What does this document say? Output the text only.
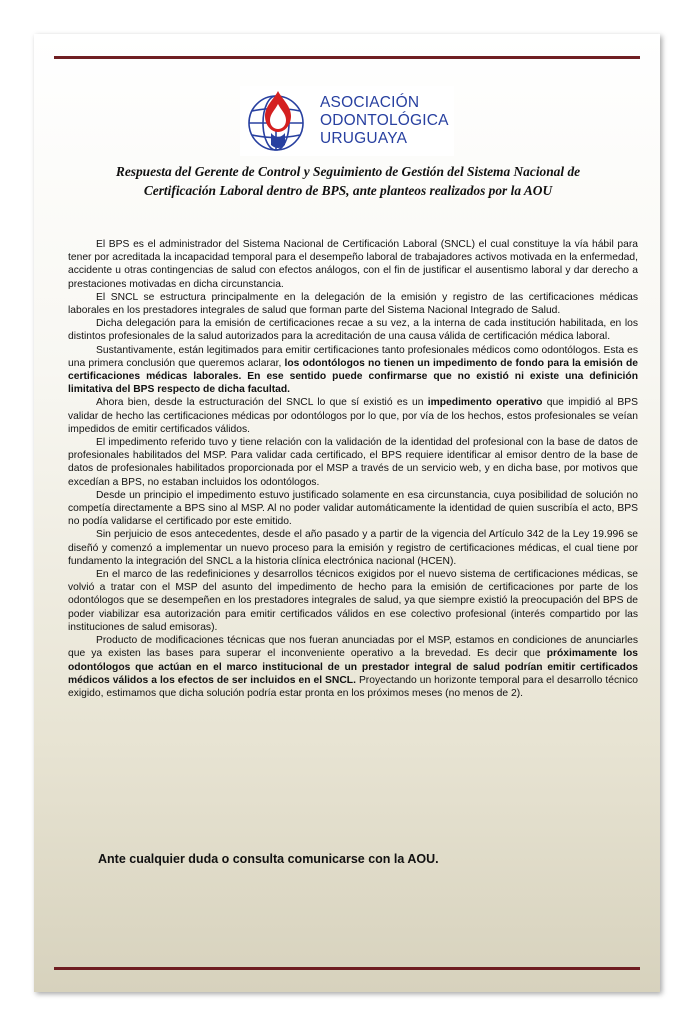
ASOCIACIÓN
ODONTOLÓGICA
URUGUAYA
Respuesta del Gerente de Control y Seguimiento de Gestión del Sistema Nacional de Certificación Laboral dentro de BPS, ante planteos realizados por la AOU

El BPS es el administrador del Sistema Nacional de Certificación Laboral (SNCL) el cual constituye la vía hábil para tener por acreditada la incapacidad temporal para el desempeño laboral de trabajadores activos motivada en la enfermedad, accidente u otras contingencias de salud con efectos análogos, con el fin de justificar el ausentismo laboral y dar derecho a prestaciones motivadas en dicha circunstancia.

El SNCL se estructura principalmente en la delegación de la emisión y registro de las certificaciones médicas laborales en los prestadores integrales de salud que forman parte del Sistema Nacional Integrado de Salud.

Dicha delegación para la emisión de certificaciones recae a su vez, a la interna de cada institución habilitada, en los distintos profesionales de la salud autorizados para la acreditación de una causa válida de certificación médica laboral.

Sustantivamente, están legitimados para emitir certificaciones tanto profesionales médicos como odontólogos. Esta es una primera conclusión que queremos aclarar, los odontólogos no tienen un impedimento de fondo para la emisión de certificaciones médicas laborales. En ese sentido puede confirmarse que no existió ni existe una definición limitativa del BPS respecto de dicha facultad.

Ahora bien, desde la estructuración del SNCL lo que sí existió es un impedimento operativo que impidió al BPS validar de hecho las certificaciones médicas por odontólogos por lo que, por vía de los hechos, estos profesionales se veían impedidos de emitir certificados válidos.

El impedimento referido tuvo y tiene relación con la validación de la identidad del profesional con la base de datos de profesionales habilitados del MSP. Para validar cada certificado, el BPS requiere identificar al emisor dentro de la base de datos de profesionales habilitados proporcionada por el MSP a través de un servicio web, y en dicha base, por motivos que excedían a BPS, no estaban incluidos los odontólogos.

Desde un principio el impedimento estuvo justificado solamente en esa circunstancia, cuya posibilidad de solución no competía directamente a BPS sino al MSP. Al no poder validar automáticamente la identidad de quien suscribía el acto, BPS no podía validarse el certificado por este emitido.

Sin perjuicio de esos antecedentes, desde el año pasado y a partir de la vigencia del Artículo 342 de la Ley 19.996 se diseñó y comenzó a implementar un nuevo proceso para la emisión y registro de certificaciones médicas, el cual tiene por fundamento la integración del SNCL a la historia clínica electrónica nacional (HCEN).

En el marco de las redefiniciones y desarrollos técnicos exigidos por el nuevo sistema de certificaciones médicas, se volvió a tratar con el MSP del asunto del impedimento de hecho para la emisión de certificaciones por parte de los odontólogos que se desempeñen en los prestadores integrales de salud, ya que siempre existió la preocupación del BPS de poder viabilizar esa autorización para emitir certificados válidos en ese colectivo profesional (interés compartido por las instituciones de salud emisoras).

Producto de modificaciones técnicas que nos fueran anunciadas por el MSP, estamos en condiciones de anunciarles que ya existen las bases para superar el inconveniente operativo a la brevedad. Es decir que próximamente los odontólogos que actúan en el marco institucional de un prestador integral de salud podrían emitir certificados médicos válidos a los efectos de ser incluidos en el SNCL. Proyectando un horizonte temporal para el desarrollo técnico exigido, estimamos que dicha solución podría estar pronta en los próximos meses (no menos de 2).

Ante cualquier duda o consulta comunicarse con la AOU.
